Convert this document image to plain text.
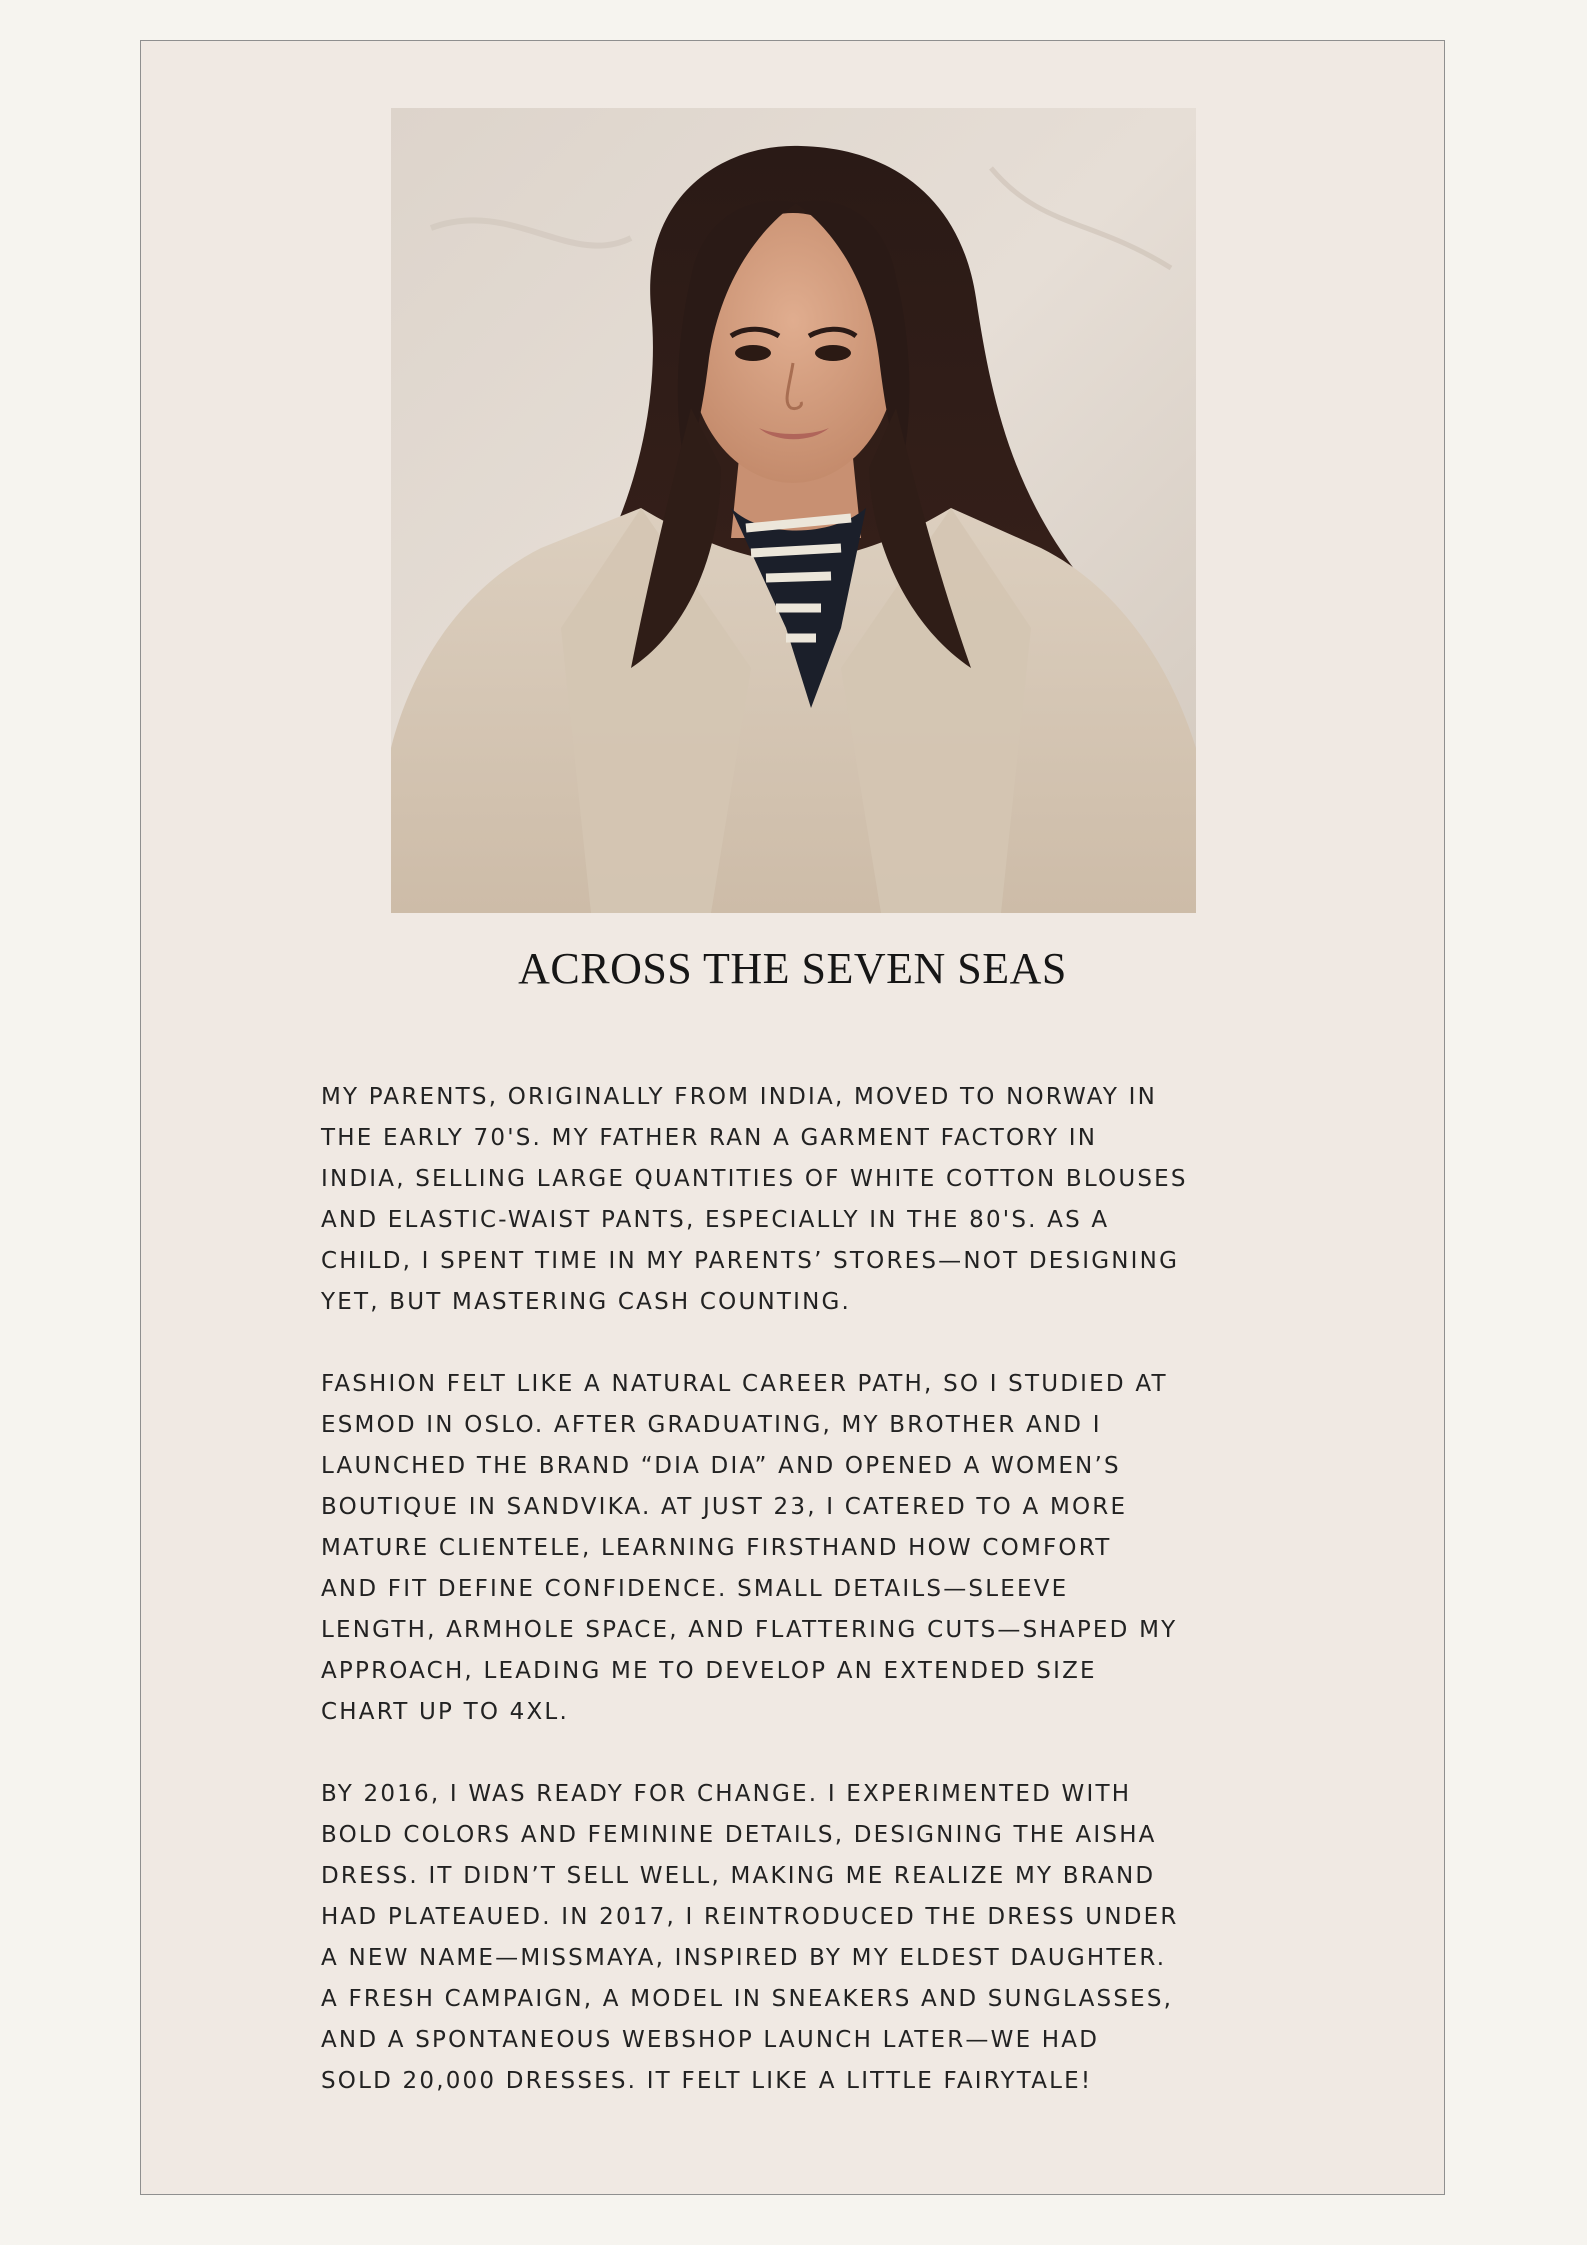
ACROSS THE SEVEN SEAS

MY PARENTS, ORIGINALLY FROM INDIA, MOVED TO NORWAY IN
THE EARLY 70'S. MY FATHER RAN A GARMENT FACTORY IN
INDIA, SELLING LARGE QUANTITIES OF WHITE COTTON BLOUSES
AND ELASTIC-WAIST PANTS, ESPECIALLY IN THE 80'S. AS A
CHILD, I SPENT TIME IN MY PARENTS’ STORES—NOT DESIGNING
YET, BUT MASTERING CASH COUNTING.

FASHION FELT LIKE A NATURAL CAREER PATH, SO I STUDIED AT
ESMOD IN OSLO. AFTER GRADUATING, MY BROTHER AND I
LAUNCHED THE BRAND “DIA DIA” AND OPENED A WOMEN’S
BOUTIQUE IN SANDVIKA. AT JUST 23, I CATERED TO A MORE
MATURE CLIENTELE, LEARNING FIRSTHAND HOW COMFORT
AND FIT DEFINE CONFIDENCE. SMALL DETAILS—SLEEVE
LENGTH, ARMHOLE SPACE, AND FLATTERING CUTS—SHAPED MY
APPROACH, LEADING ME TO DEVELOP AN EXTENDED SIZE
CHART UP TO 4XL.

BY 2016, I WAS READY FOR CHANGE. I EXPERIMENTED WITH
BOLD COLORS AND FEMININE DETAILS, DESIGNING THE AISHA
DRESS. IT DIDN’T SELL WELL, MAKING ME REALIZE MY BRAND
HAD PLATEAUED. IN 2017, I REINTRODUCED THE DRESS UNDER
A NEW NAME—MISSMAYA, INSPIRED BY MY ELDEST DAUGHTER.
A FRESH CAMPAIGN, A MODEL IN SNEAKERS AND SUNGLASSES,
AND A SPONTANEOUS WEBSHOP LAUNCH LATER—WE HAD
SOLD 20,000 DRESSES. IT FELT LIKE A LITTLE FAIRYTALE!
